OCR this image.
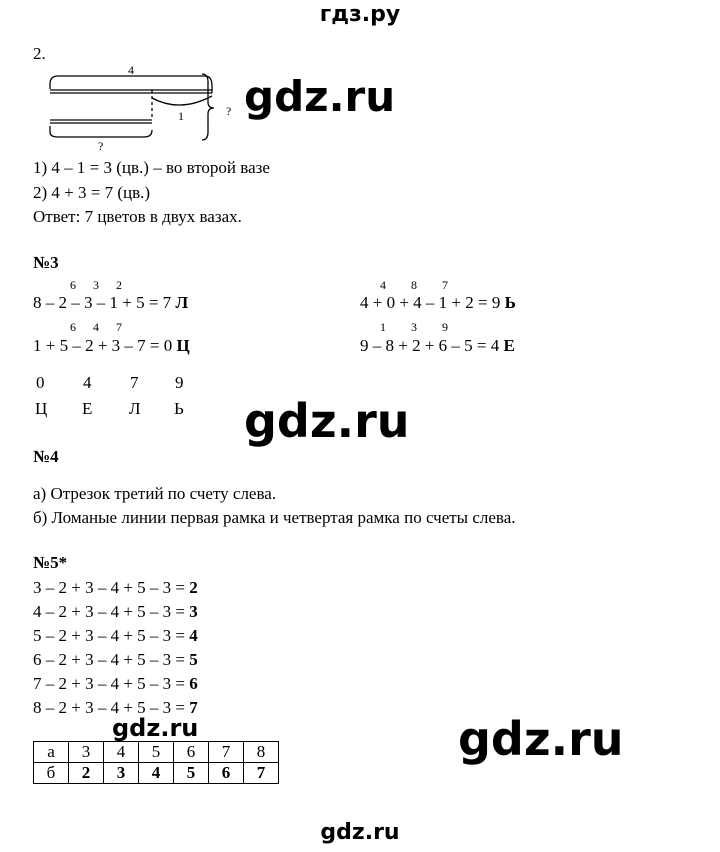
гдз.ру
2.
4
1	?
?
1) 4 – 1 = 3 (цв.) – во второй вазе
2) 4 + 3 = 7 (цв.)
Ответ: 7 цветов в двух вазах.
gdz.ru
№3
6 3 2
8 – 2 – 3 – 1 + 5 = 7 Л
6 4 7
1 + 5 – 2 + 3 – 7 = 0 Ц
4 8 7
4 + 0 + 4 – 1 + 2 = 9 Ь
1 3 9
9 – 8 + 2 + 6 – 5 = 4 Е
0 4 7 9
Ц Е Л Ь gdz.ru
№4
а) Отрезок третий по счету слева.
б) Ломаные линии первая рамка и четвертая рамка по счеты слева.
№5*
3 – 2 + 3 – 4 + 5 – 3 = 2
4 – 2 + 3 – 4 + 5 – 3 = 3
5 – 2 + 3 – 4 + 5 – 3 = 4
6 – 2 + 3 – 4 + 5 – 3 = 5
7 – 2 + 3 – 4 + 5 – 3 = 6
8 – 2 + 3 – 4 + 5 – 3 = 7
gdz.ru
а	3	4	5	6	7	8
б	2	3	4	5	6	7
gdz.ru
gdz.ru
